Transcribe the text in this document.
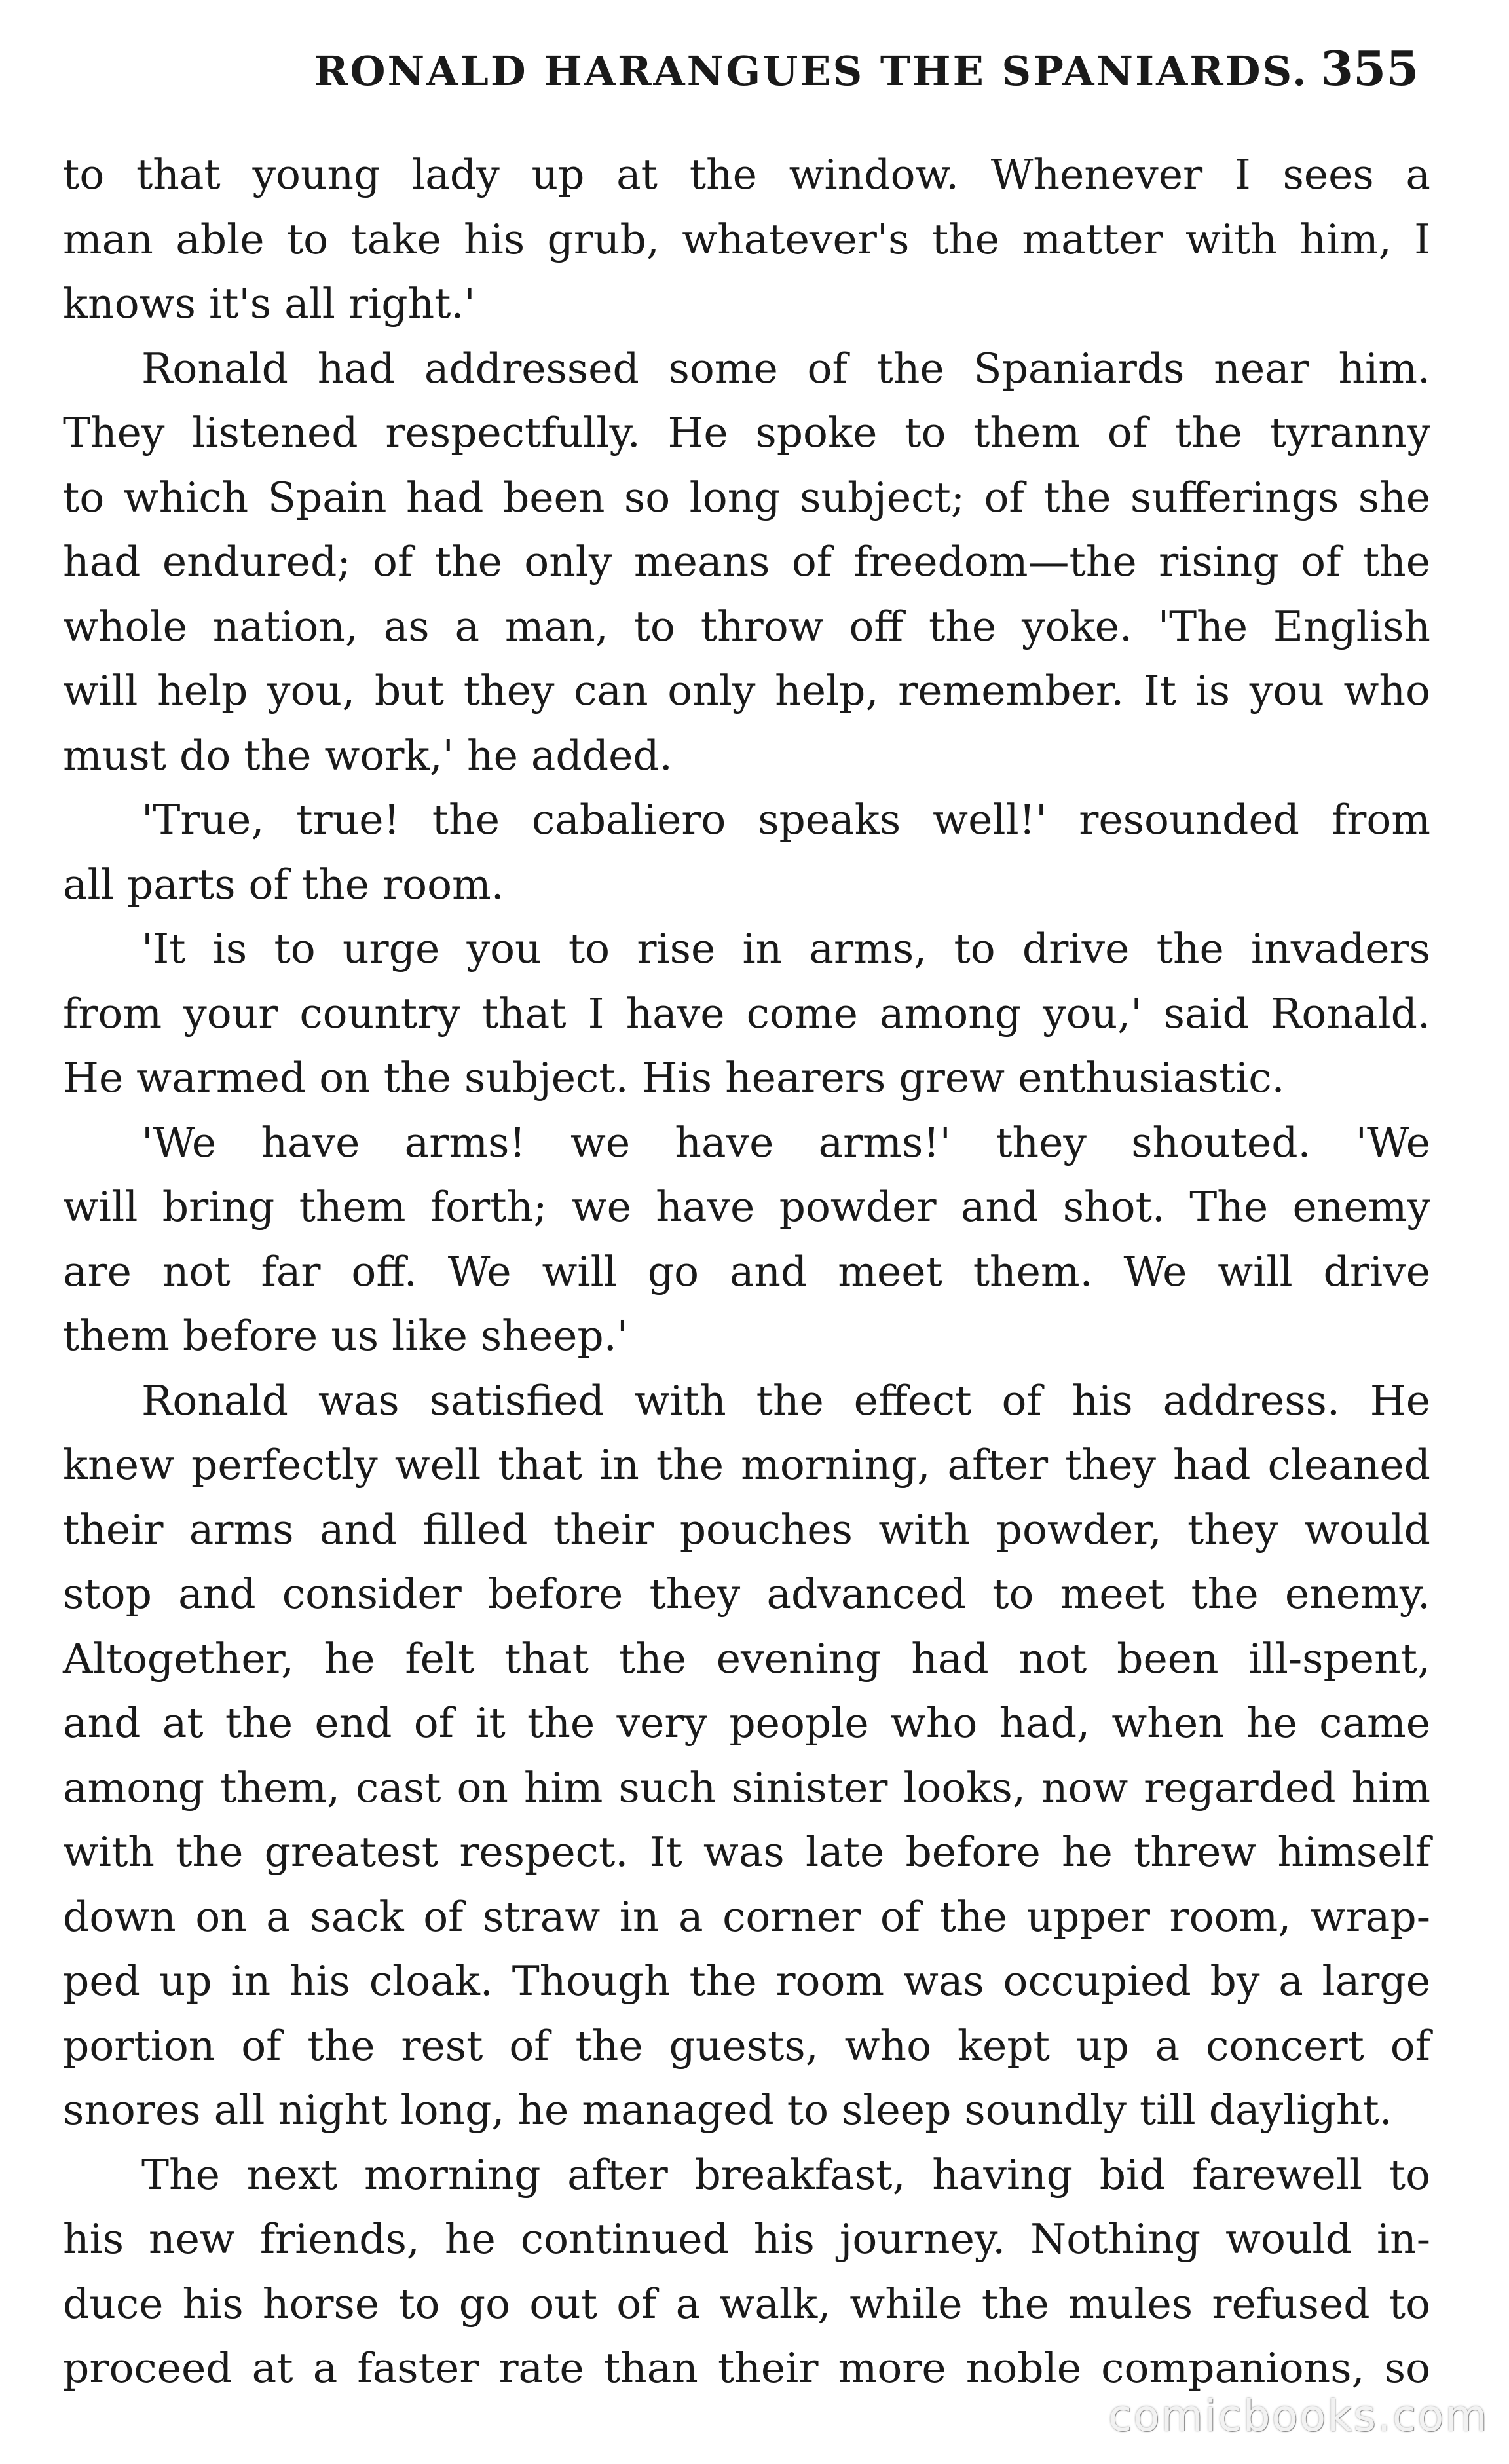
RONALD HARANGUES THE SPANIARDS. 355
to that young lady up at the window. Whenever I sees a
man able to take his grub, whatever's the matter with him, I
knows it's all right.'
Ronald had addressed some of the Spaniards near him.
They listened respectfully. He spoke to them of the tyranny
to which Spain had been so long subject; of the sufferings she
had endured; of the only means of freedom—the rising of the
whole nation, as a man, to throw off the yoke. 'The English
will help you, but they can only help, remember. It is you who
must do the work,' he added.
'True, true! the cabaliero speaks well!' resounded from
all parts of the room.
'It is to urge you to rise in arms, to drive the invaders
from your country that I have come among you,' said Ronald.
He warmed on the subject. His hearers grew enthusiastic.
'We have arms! we have arms!' they shouted. 'We
will bring them forth; we have powder and shot. The enemy
are not far off. We will go and meet them. We will drive
them before us like sheep.'
Ronald was satisfied with the effect of his address. He
knew perfectly well that in the morning, after they had cleaned
their arms and filled their pouches with powder, they would
stop and consider before they advanced to meet the enemy.
Altogether, he felt that the evening had not been ill-spent,
and at the end of it the very people who had, when he came
among them, cast on him such sinister looks, now regarded him
with the greatest respect. It was late before he threw himself
down on a sack of straw in a corner of the upper room, wrap-
ped up in his cloak. Though the room was occupied by a large
portion of the rest of the guests, who kept up a concert of
snores all night long, he managed to sleep soundly till daylight.
The next morning after breakfast, having bid farewell to
his new friends, he continued his journey. Nothing would in-
duce his horse to go out of a walk, while the mules refused to
proceed at a faster rate than their more noble companions, so
comicbooks.com
